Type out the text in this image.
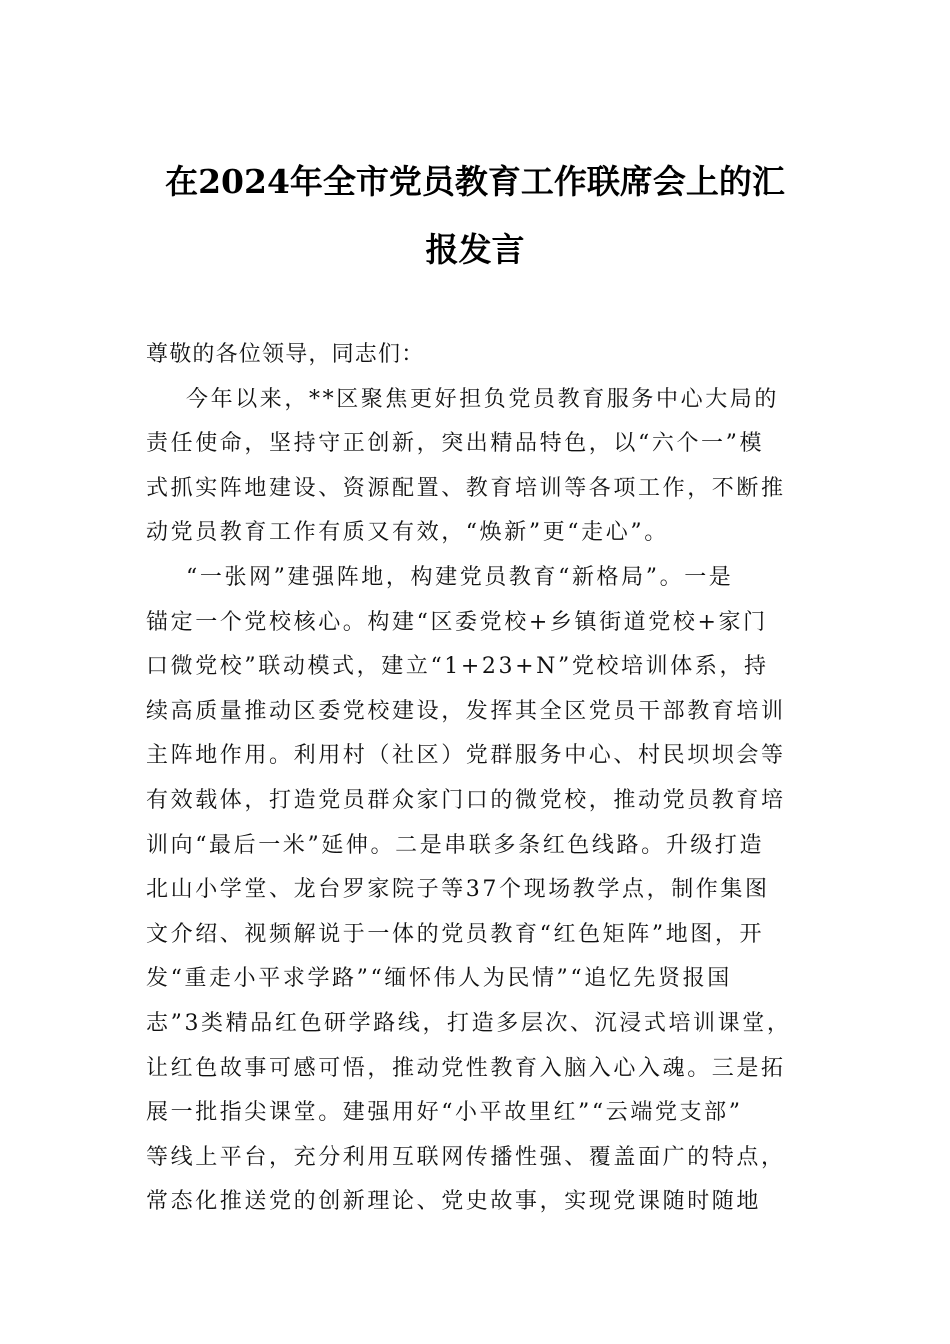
在2024年全市党员教育工作联席会上的汇
报发言
尊敬的各位领导，同志们：
今年以来，**区聚焦更好担负党员教育服务中心大局的
责任使命，坚持守正创新，突出精品特色，以“六个一”模
式抓实阵地建设、资源配置、教育培训等各项工作，不断推
动党员教育工作有质又有效，“焕新”更“走心”。
“一张网”建强阵地，构建党员教育“新格局”。一是
锚定一个党校核心。构建“区委党校+乡镇街道党校+家门
口微党校”联动模式，建立“1+23+N”党校培训体系，持
续高质量推动区委党校建设，发挥其全区党员干部教育培训
主阵地作用。利用村（社区）党群服务中心、村民坝坝会等
有效载体，打造党员群众家门口的微党校，推动党员教育培
训向“最后一米”延伸。二是串联多条红色线路。升级打造
北山小学堂、龙台罗家院子等37个现场教学点，制作集图
文介绍、视频解说于一体的党员教育“红色矩阵”地图，开
发“重走小平求学路”“缅怀伟人为民情”“追忆先贤报国
志”3类精品红色研学路线，打造多层次、沉浸式培训课堂，
让红色故事可感可悟，推动党性教育入脑入心入魂。三是拓
展一批指尖课堂。建强用好“小平故里红”“云端党支部”
等线上平台，充分利用互联网传播性强、覆盖面广的特点，
常态化推送党的创新理论、党史故事，实现党课随时随地
